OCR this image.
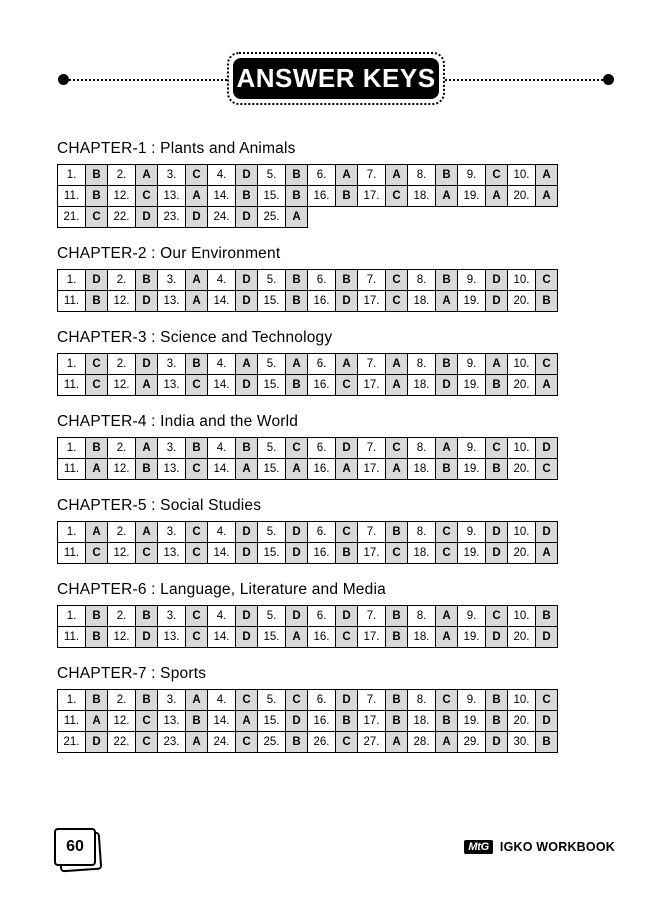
ANSWER KEYS
CHAPTER-1 : Plants and Animals
1.	B	2.	A	3.	C	4.	D	5.	B	6.	A	7.	A	8.	B	9.	C	10.	A
11.	B	12.	C	13.	A	14.	B	15.	B	16.	B	17.	C	18.	A	19.	A	20.	A
21.	C	22.	D	23.	D	24.	D	25.	A										
CHAPTER-2 : Our Environment
1.	D	2.	B	3.	A	4.	D	5.	B	6.	B	7.	C	8.	B	9.	D	10.	C
11.	B	12.	D	13.	A	14.	D	15.	B	16.	D	17.	C	18.	A	19.	D	20.	B
CHAPTER-3 : Science and Technology
1.	C	2.	D	3.	B	4.	A	5.	A	6.	A	7.	A	8.	B	9.	A	10.	C
11.	C	12.	A	13.	C	14.	D	15.	B	16.	C	17.	A	18.	D	19.	B	20.	A
CHAPTER-4 : India and the World
1.	B	2.	A	3.	B	4.	B	5.	C	6.	D	7.	C	8.	A	9.	C	10.	D
11.	A	12.	B	13.	C	14.	A	15.	A	16.	A	17.	A	18.	B	19.	B	20.	C
CHAPTER-5 : Social Studies
1.	A	2.	A	3.	C	4.	D	5.	D	6.	C	7.	B	8.	C	9.	D	10.	D
11.	C	12.	C	13.	C	14.	D	15.	D	16.	B	17.	C	18.	C	19.	D	20.	A
CHAPTER-6 : Language, Literature and Media
1.	B	2.	B	3.	C	4.	D	5.	D	6.	D	7.	B	8.	A	9.	C	10.	B
11.	B	12.	D	13.	C	14.	D	15.	A	16.	C	17.	B	18.	A	19.	D	20.	D
CHAPTER-7 : Sports
1.	B	2.	B	3.	A	4.	C	5.	C	6.	D	7.	B	8.	C	9.	B	10.	C
11.	A	12.	C	13.	B	14.	A	15.	D	16.	B	17.	B	18.	B	19.	B	20.	D
21.	D	22.	C	23.	A	24.	C	25.	B	26.	C	27.	A	28.	A	29.	D	30.	B
60	MtG IGKO WORKBOOK
